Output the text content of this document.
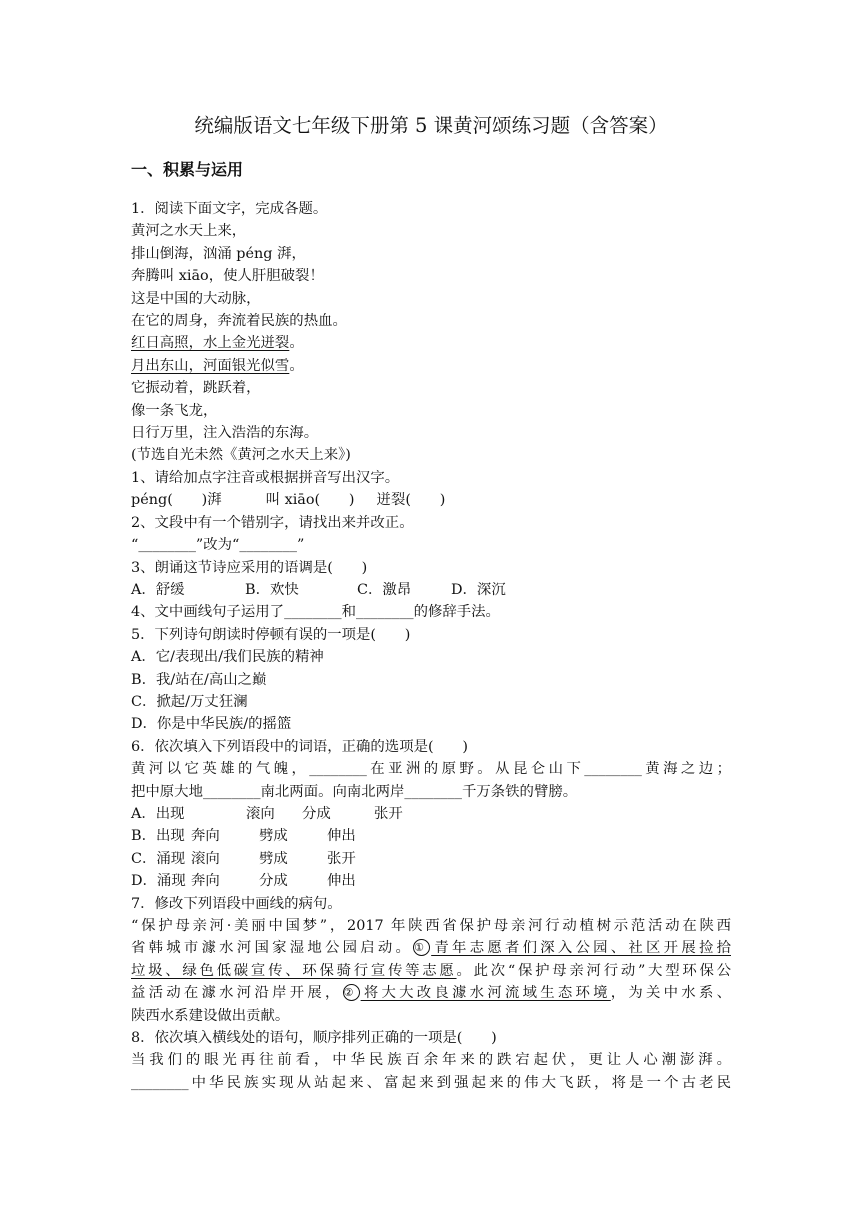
统编版语文七年级下册第 5 课黄河颂练习题（含答案）
一、积累与运用
1．阅读下面文字，完成各题。
黄河之水天上来，
排山倒海，汹涌 péng 湃，
奔腾叫 xiāo，使人肝胆破裂！
这是中国的大动脉，
在它的周身，奔流着民族的热血。
红日高照，水上金光迸裂。
月出东山，河面银光似雪。
它振动着，跳跃着，
像一条飞龙，
日行万里，注入浩浩的东海。
(节选自光未然《黄河之水天上来》)
1、请给加点字注音或根据拼音写出汉字。
péng(　　)湃	叫 xiāo(　　) 迸裂(　　)
2、文段中有一个错别字，请找出来并改正。
“________”改为“________”
3、朗诵这节诗应采用的语调是(　　)
A．舒缓	B．欢快	C．激昂	D．深沉
4、文中画线句子运用了________和________的修辞手法。
5．下列诗句朗读时停顿有误的一项是(　　)
A．它/表现出/我们民族的精神
B．我/站在/高山之巅
C．掀起/万丈狂澜
D．你是中华民族/的摇篮
6．依次填入下列语段中的词语，正确的选项是(　　)
黄河以它英雄的气魄，________在亚洲的原野。从昆仑山下________黄海之边；
把中原大地________南北两面。向南北两岸________千万条铁的臂膀。
A．出现	滚向 分成	张开
B．出现 奔向	劈成	伸出
C．涌现 滚向	劈成	张开
D．涌现 奔向	分成	伸出
7．修改下列语段中画线的病句。
“保护母亲河·美丽中国梦”，2017 年陕西省保护母亲河行动植树示范活动在陕西
省韩城市澽水河国家湿地公园启动。① 青年志愿者们深入公园、社区开展捡拾
垃圾、绿色低碳宣传、环保骑行宣传等志愿。此次“保护母亲河行动”大型环保公
益活动在澽水河沿岸开展，② 将大大改良澽水河流域生态环境，为关中水系、
陕西水系建设做出贡献。
8．依次填入横线处的语句，顺序排列正确的一项是(　　)
当我们的眼光再往前看，中华民族百余年来的跌宕起伏，更让人心潮澎湃。
________中华民族实现从站起来、富起来到强起来的伟大飞跃，将是一个古老民
